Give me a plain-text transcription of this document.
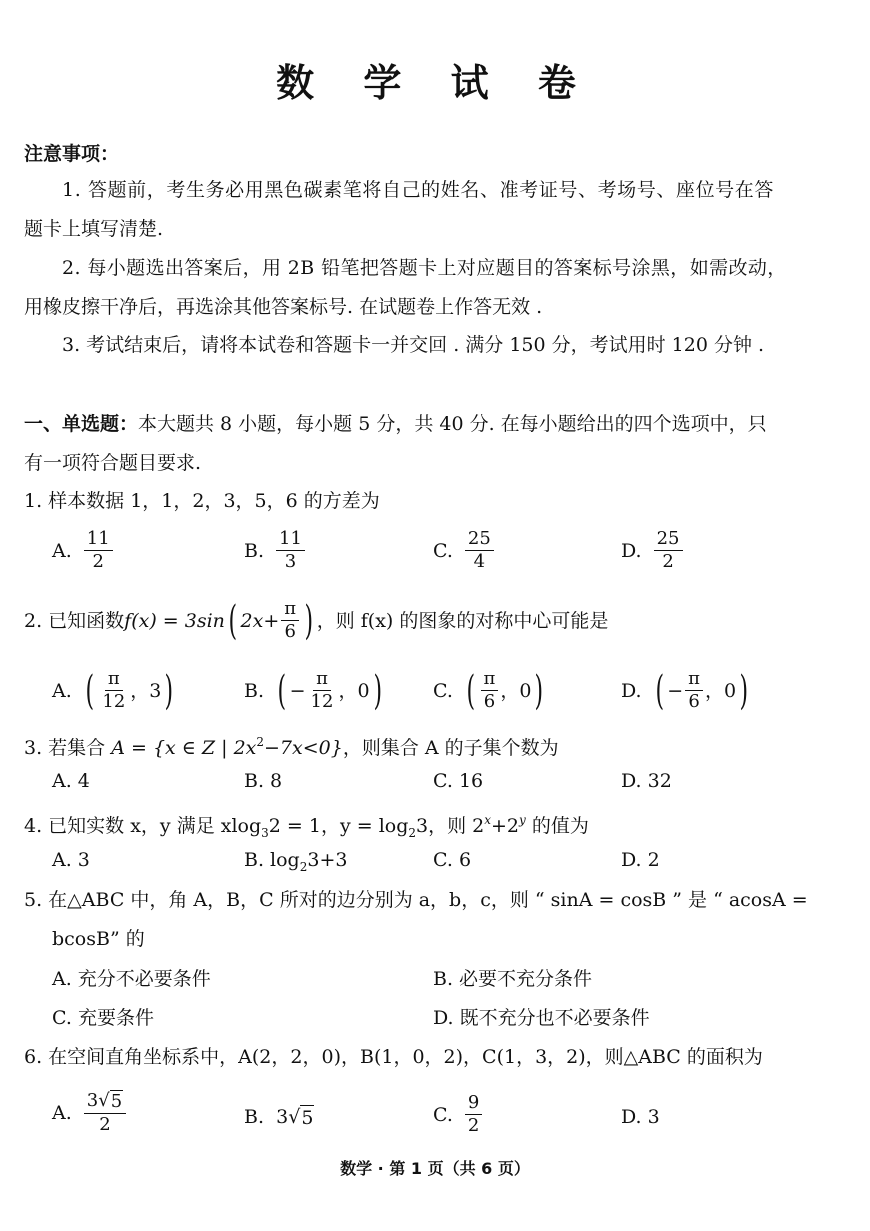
数 学 试 卷
注意事项：
1. 答题前，考生务必用黑色碳素笔将自己的姓名、准考证号、考场号、座位号在答
题卡上填写清楚.
2. 每小题选出答案后，用 2B 铅笔把答题卡上对应题目的答案标号涂黑，如需改动，
用橡皮擦干净后，再选涂其他答案标号. 在试题卷上作答无效 .
3. 考试结束后，请将本试卷和答题卡一并交回 . 满分 150 分，考试用时 120 分钟 .
一、单选题：本大题共 8 小题，每小题 5 分，共 40 分. 在每小题给出的四个选项中，只
有一项符合题目要求.
1. 样本数据 1，1，2，3，5，6 的方差为
A. $\frac{11}{2}$	B. $\frac{11}{3}$	C. $\frac{25}{4}$	D. $\frac{25}{2}$
2. 已知函数 f(x) = 3sin ( $2x+ \frac{\pi}{6}$ ) ，则 f(x) 的图象的对称中心可能是
A. ( $\frac{\pi}{12}$ ，3 )	B. ( − $\frac{\pi}{12}$ ，0 )	C. ( $\frac{\pi}{6}$ ，0 )	D. ( − $\frac{\pi}{6}$ ，0 )
3. 若集合 A = {x ∈ Z | $2x^2-7x<0$}，则集合 A 的子集个数为
A. 4	B. 8	C. 16	D. 32
4. 已知实数 x，y 满足 xlog$_3$2 = 1，$y = \log_23$，则 $2^x+2^y$ 的值为
A. 3	B. $\log_23+3$	C. 6	D. 2
5. 在△ABC 中，角 A，B，C 所对的边分别为 a，b，c，则 “ sinA = cosB ” 是 “ acosA =
bcosB” 的
A. 充分不必要条件	B. 必要不充分条件
C. 充要条件	D. 既不充分也不必要条件
6. 在空间直角坐标系中，A(2，2，0)，B(1，0，2)，C(1，3，2)，则△ABC 的面积为
A. $\frac{3√ 5}{2}$	B. 3√ 5	C. $\frac{9}{2}$	D. 3
数学 · 第 1 页（共 6 页）
